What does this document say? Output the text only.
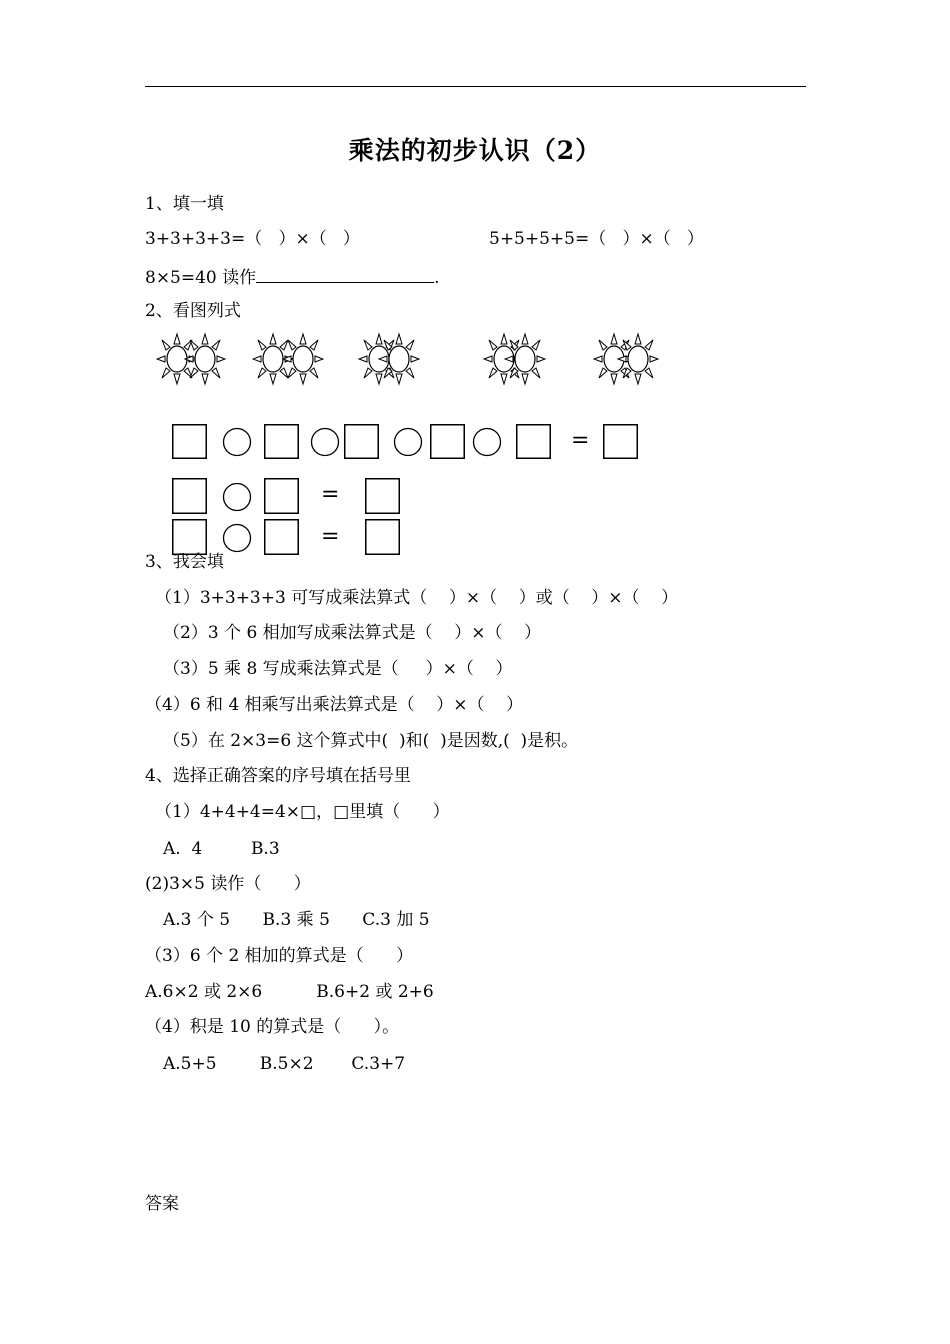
乘法的初步认识（2）
1、填一填
3+3+3+3=（   ）×（   ）	5+5+5+5=（   ）×（   ）
8×5=40 读作	.
2、看图列式
=
=
=
3、我会填
（1）3+3+3+3 可写成乘法算式（    ）×（    ）或（    ）×（    ）
（2）3 个 6 相加写成乘法算式是（    ）×（    ）
（3）5 乘 8 写成乘法算式是（     ）×（    ）
（4）6 和 4 相乘写出乘法算式是（    ）×（    ）
（5）在 2×3=6 这个算式中(  )和(  )是因数,(  )是积。
4、选择正确答案的序号填在括号里
（1）4+4+4=4×□，□里填（      ）
A.  4         B.3
(2)3×5 读作（      ）
A.3 个 5      B.3 乘 5      C.3 加 5
（3）6 个 2 相加的算式是（      ）
A.6×2 或 2×6          B.6+2 或 2+6
（4）积是 10 的算式是（      ）。
A.5+5        B.5×2       C.3+7
答案
